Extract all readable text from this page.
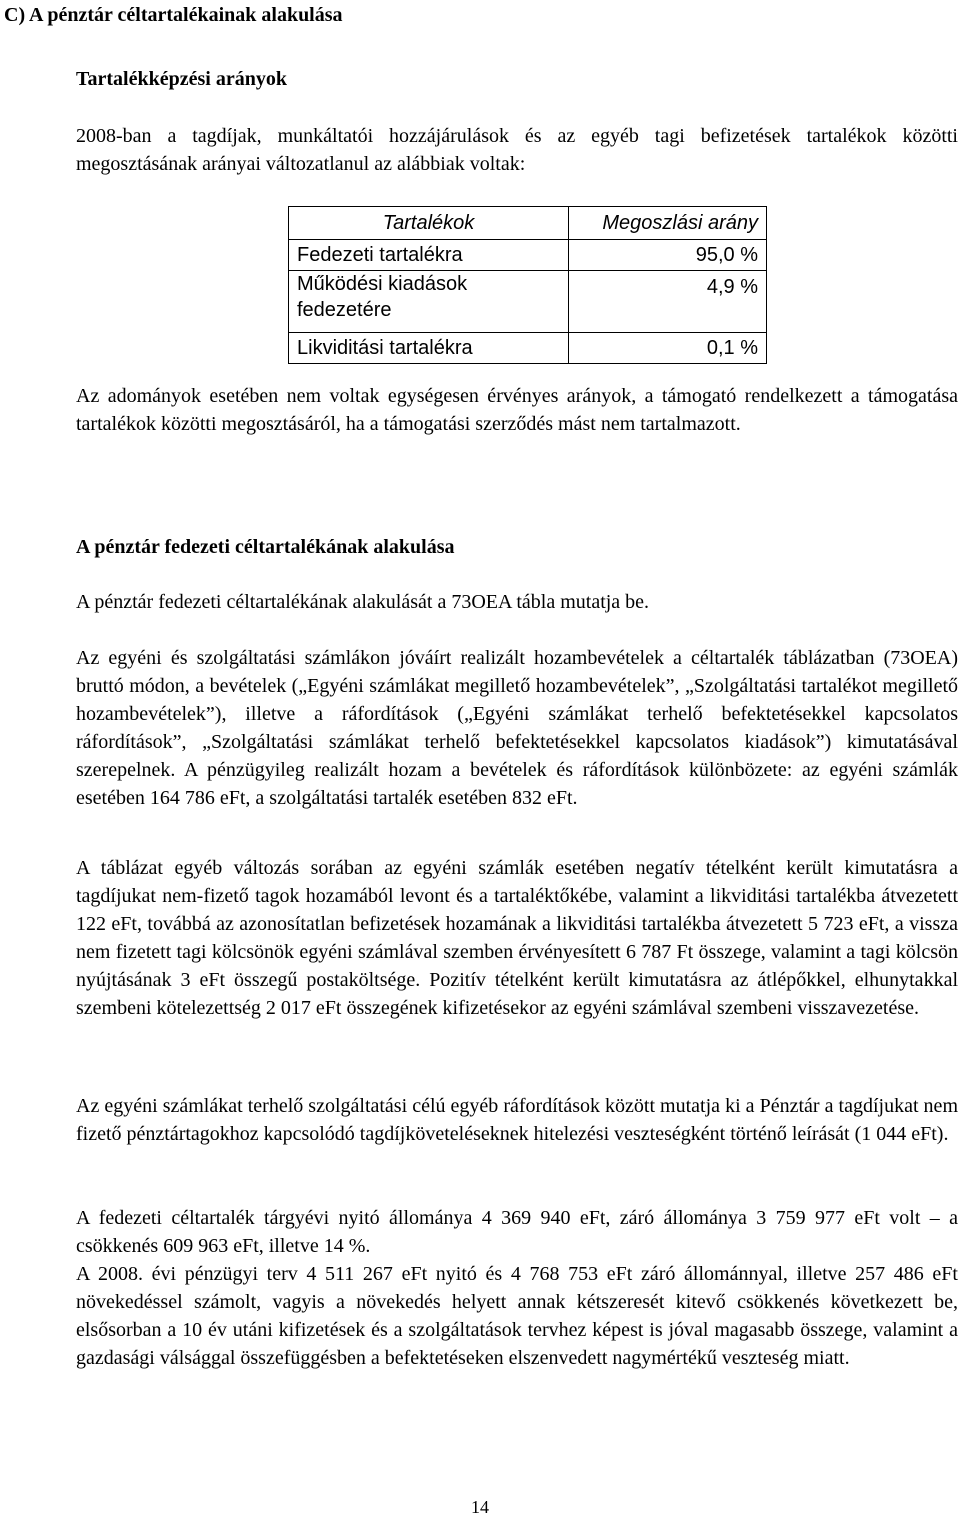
C) A pénztár céltartalékainak alakulása
Tartalékképzési arányok

2008-ban a tagdíjak, munkáltatói hozzájárulások és az egyéb tagi befizetések tartalékok közötti megosztásának arányai változatlanul az alábbiak voltak:

Tartalékok	Megoszlási arány
Fedezeti tartalékra	95,0 %
Működési kiadások fedezetére	4,9 %
Likviditási tartalékra	0,1 %

Az adományok esetében nem voltak egységesen érvényes arányok, a támogató rendelkezett a támogatása tartalékok közötti megosztásáról, ha a támogatási szerződés mást nem tartalmazott.

A pénztár fedezeti céltartalékának alakulása

A pénztár fedezeti céltartalékának alakulását a 73OEA tábla mutatja be.

Az egyéni és szolgáltatási számlákon jóváírt realizált hozambevételek a céltartalék táblázatban (73OEA) bruttó módon, a bevételek („Egyéni számlákat megillető hozambevételek”, „Szolgáltatási tartalékot megillető hozambevételek”), illetve a ráfordítások („Egyéni számlákat terhelő befektetésekkel kapcsolatos ráfordítások”, „Szolgáltatási számlákat terhelő befektetésekkel kapcsolatos kiadások”) kimutatásával szerepelnek. A pénzügyileg realizált hozam a bevételek és ráfordítások különbözete: az egyéni számlák esetében 164 786 eFt, a szolgáltatási tartalék esetében 832 eFt.

A táblázat egyéb változás sorában az egyéni számlák esetében negatív tételként került kimutatásra a tagdíjukat nem-fizető tagok hozamából levont és a tartaléktőkébe, valamint a likviditási tartalékba átvezetett 122 eFt, továbbá az azonosítatlan befizetések hozamának a likviditási tartalékba átvezetett 5 723 eFt, a vissza nem fizetett tagi kölcsönök egyéni számlával szemben érvényesített 6 787 Ft összege, valamint a tagi kölcsön nyújtásának 3 eFt összegű postaköltsége. Pozitív tételként került kimutatásra az átlépőkkel, elhunytakkal szembeni kötelezettség 2 017 eFt összegének kifizetésekor az egyéni számlával szembeni visszavezetése.

Az egyéni számlákat terhelő szolgáltatási célú egyéb ráfordítások között mutatja ki a Pénztár a tagdíjukat nem fizető pénztártagokhoz kapcsolódó tagdíjköveteléseknek hitelezési veszteségként történő leírását (1 044 eFt).

A fedezeti céltartalék tárgyévi nyitó állománya 4 369 940 eFt, záró állománya 3 759 977 eFt volt – a csökkenés 609 963 eFt, illetve 14 %.

A 2008. évi pénzügyi terv 4 511 267 eFt nyitó és 4 768 753 eFt záró állománnyal, illetve 257 486 eFt növekedéssel számolt, vagyis a növekedés helyett annak kétszeresét kitevő csökkenés következett be, elsősorban a 10 év utáni kifizetések és a szolgáltatások tervhez képest is jóval magasabb összege, valamint a gazdasági válsággal összefüggésben a befektetéseken elszenvedett nagymértékű veszteség miatt.

14
